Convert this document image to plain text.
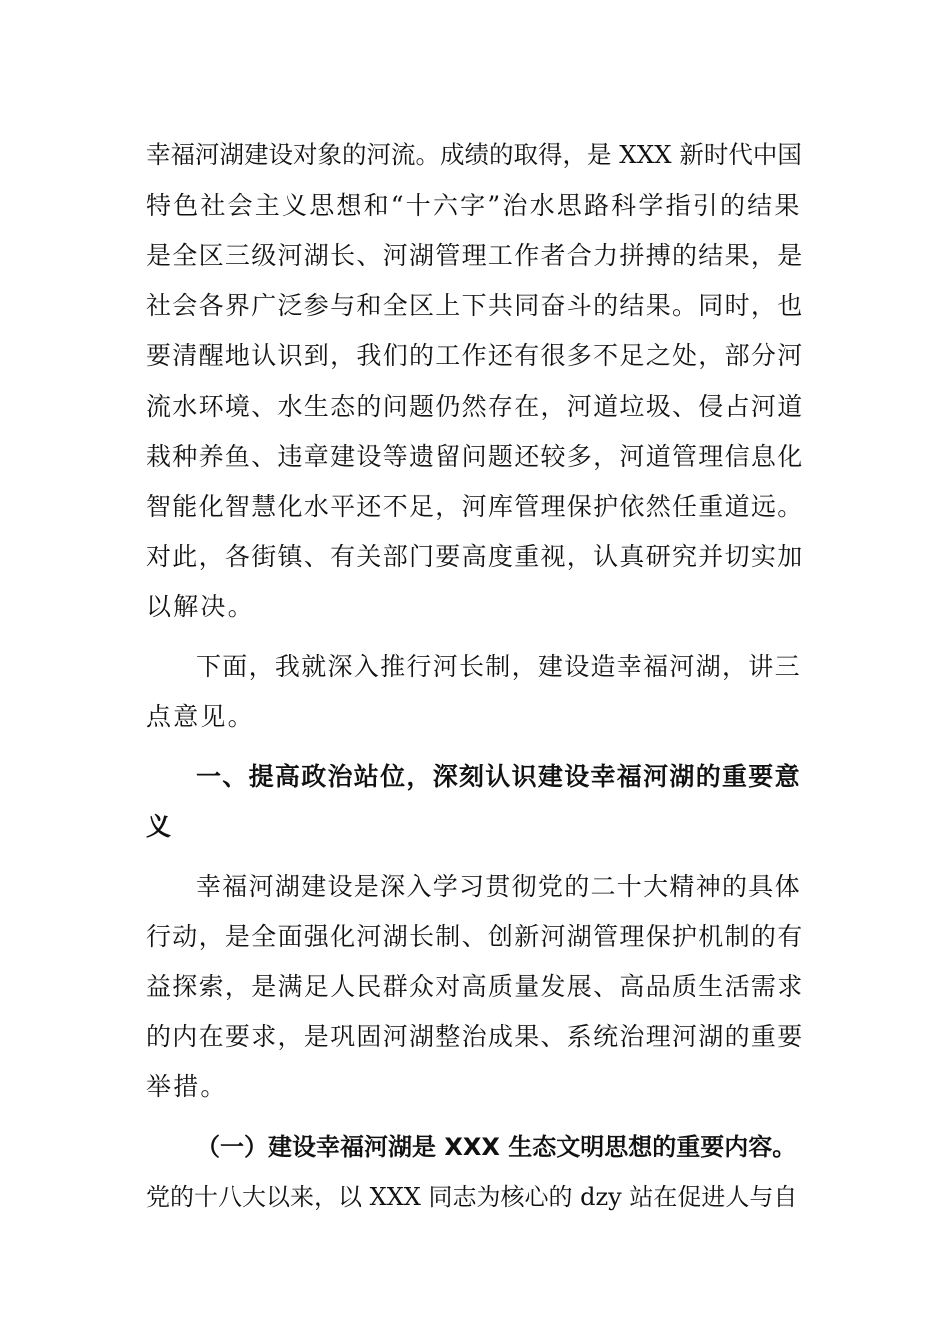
幸福河湖建设对象的河流。成绩的取得，是 XXX 新时代中国
特色社会主义思想和“十六字”治水思路科学指引的结果
是全区三级河湖长、河湖管理工作者合力拼搏的结果，是
社会各界广泛参与和全区上下共同奋斗的结果。同时，也
要清醒地认识到，我们的工作还有很多不足之处，部分河
流水环境、水生态的问题仍然存在，河道垃圾、侵占河道
栽种养鱼、违章建设等遗留问题还较多，河道管理信息化
智能化智慧化水平还不足，河库管理保护依然任重道远。
对此，各街镇、有关部门要高度重视，认真研究并切实加
以解决。
下面，我就深入推行河长制，建设造幸福河湖，讲三
点意见。
一、提高政治站位，深刻认识建设幸福河湖的重要意
义
幸福河湖建设是深入学习贯彻党的二十大精神的具体
行动，是全面强化河湖长制、创新河湖管理保护机制的有
益探索，是满足人民群众对高质量发展、高品质生活需求
的内在要求，是巩固河湖整治成果、系统治理河湖的重要
举措。
（一）建设幸福河湖是 XXX 生态文明思想的重要内容。
党的十八大以来，以 XXX 同志为核心的 dzy 站在促进人与自
